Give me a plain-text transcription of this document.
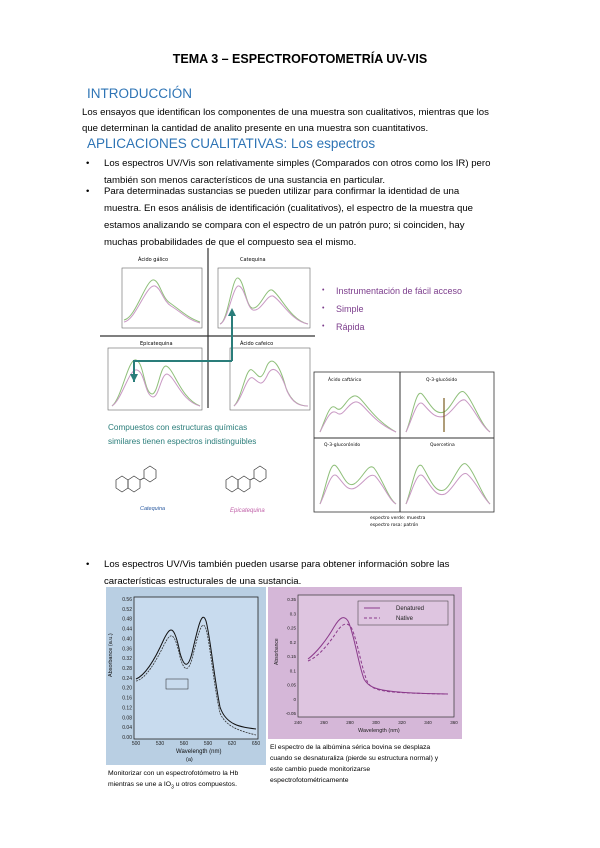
TEMA 3 – ESPECTROFOTOMETRÍA UV-VIS
INTRODUCCIÓN
Los ensayos que identifican los componentes de una muestra son cualitativos, mientras que los
que determinan la cantidad de analito presente en una muestra son cuantitativos.
APLICACIONES CUALITATIVAS: Los espectros
• Los espectros UV/Vis son relativamente simples (Comparados con otros como los IR) pero
también son menos característicos de una sustancia en particular.
• Para determinadas sustancias se pueden utilizar para confirmar la identidad de una
muestra. En esos análisis de identificación (cualitativos), el espectro de la muestra que
estamos analizando se compara con el espectro de un patrón puro; si coinciden, hay
muchas probabilidades de que el compuesto sea el mismo.
Ácido gálico	Catequina
Epicatequina	Ácido cafeico
• Instrumentación de fácil acceso
• Simple
• Rápida
Compuestos con estructuras químicas
similares tienen espectros indistinguibles
Catequina	Epicatequina
Ácido caftárico	Q-3-glucósido
Q-3-glucorónido	Quercetina
espectro verde: muestra
espectro rosa: patrón
• Los espectros UV/Vis también pueden usarse para obtener información sobre las
características estructurales de una sustancia.
0.56
0.52
0.48
0.44
0.40
0.36
0.32
0.28
0.24
0.20
0.16
0.12
0.08
0.04
0.00
500	530	560	590	620	650
Absorbance (a.u.)
Wavelength (nm)
(a)
Monitorizar con un espectrofotómetro la Hb
mientras se une a $IO_3$ u otros compuestos.
0.35
0.3
0.25
0.2
0.15
0.1
0.05
0
-0.05
240	260	280	300	320	340	360
Absorbance
Wavelength (nm)
Denatured
Native
El espectro de la albúmina sérica bovina se desplaza
cuando se desnaturaliza (pierde su estructura normal) y
este cambio puede monitorizarse
espectrofotométricamente
